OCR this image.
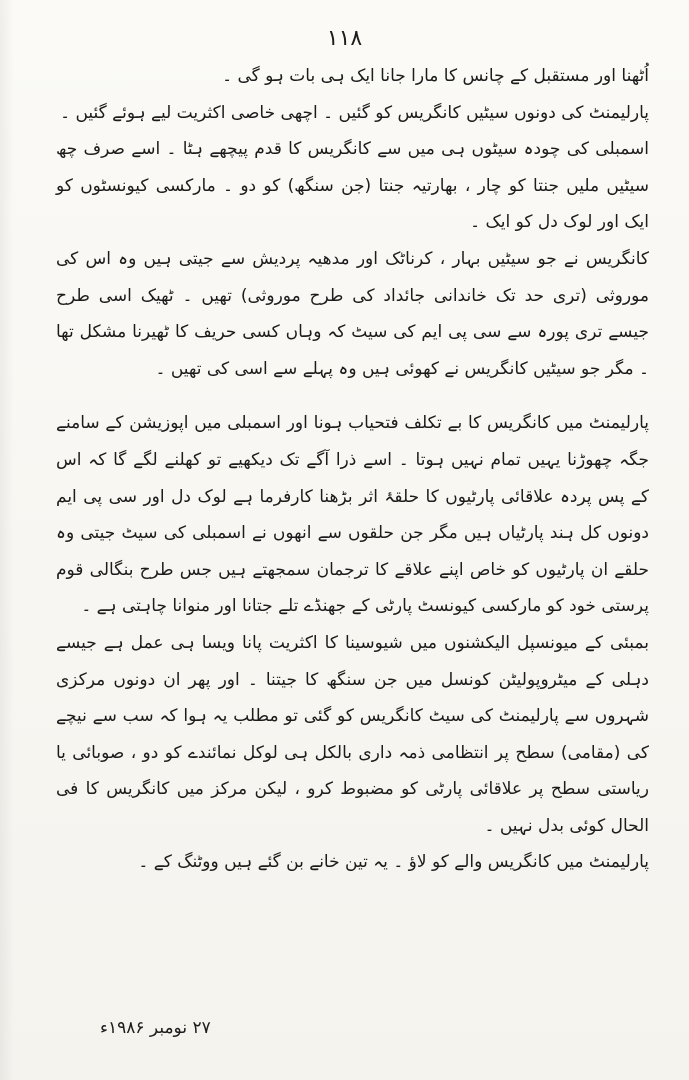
۱۱۸

اُٹھنا اور مستقبل کے چانس کا مارا جانا ایک ہی بات ہو گی ۔

پارلیمنٹ کی دونوں سیٹیں کانگریس کو گئیں ۔ اچھی خاصی اکثریت لیے ہوئے گئیں ۔

اسمبلی کی چودہ سیٹوں ہی میں سے کانگریس کا قدم پیچھے ہٹا ۔ اسے صرف چھ سیٹیں ملیں جنتا کو چار ، بھارتیہ جنتا (جن سنگھ) کو دو ۔ مارکسی کیونسٹوں کو ایک اور لوک دل کو ایک ۔

کانگریس نے جو سیٹیں بہار ، کرناٹک اور مدھیہ پردیش سے جیتی ہیں وہ اس کی موروثی (تری حد تک خاندانی جائداد کی طرح موروثی) تھیں ۔ ٹھیک اسی طرح جیسے تری پورہ سے سی پی ایم کی سیٹ کہ وہاں کسی حریف کا ٹھیرنا مشکل تھا ۔ مگر جو سیٹیں کانگریس نے کھوئی ہیں وہ پہلے سے اسی کی تھیں ۔

پارلیمنٹ میں کانگریس کا بے تکلف فتحیاب ہونا اور اسمبلی میں اپوزیشن کے سامنے جگہ چھوڑنا یہیں تمام نہیں ہوتا ۔ اسے ذرا آگے تک دیکھیے تو کھلنے لگے گا کہ اس کے پس پردہ علاقائی پارٹیوں کا حلقۂ اثر بڑھنا کارفرما ہے لوک دل اور سی پی ایم دونوں کل ہند پارٹیاں ہیں مگر جن حلقوں سے انھوں نے اسمبلی کی سیٹ جیتی وہ حلقے ان پارٹیوں کو خاص اپنے علاقے کا ترجمان سمجھتے ہیں جس طرح بنگالی قوم پرستی خود کو مارکسی کیونسٹ پارٹی کے جھنڈے تلے جتانا اور منوانا چاہتی ہے ۔

بمبئی کے میونسپل الیکشنوں میں شیوسینا کا اکثریت پانا ویسا ہی عمل ہے جیسے دہلی کے میٹروپولیٹن کونسل میں جن سنگھ کا جیتنا ۔ اور پھر ان دونوں مرکزی شہروں سے پارلیمنٹ کی سیٹ کانگریس کو گئی تو مطلب یہ ہوا کہ سب سے نیچے کی (مقامی) سطح پر انتظامی ذمہ داری بالکل ہی لوکل نمائندے کو دو ، صوبائی یا ریاستی سطح پر علاقائی پارٹی کو مضبوط کرو ، لیکن مرکز میں کانگریس کا فی الحال کوئی بدل نہیں ۔

پارلیمنٹ میں کانگریس والے کو لاؤ ۔ یہ تین خانے بن گئے ہیں ووٹنگ کے ۔

۲۷ نومبر ۱۹۸۶ء
